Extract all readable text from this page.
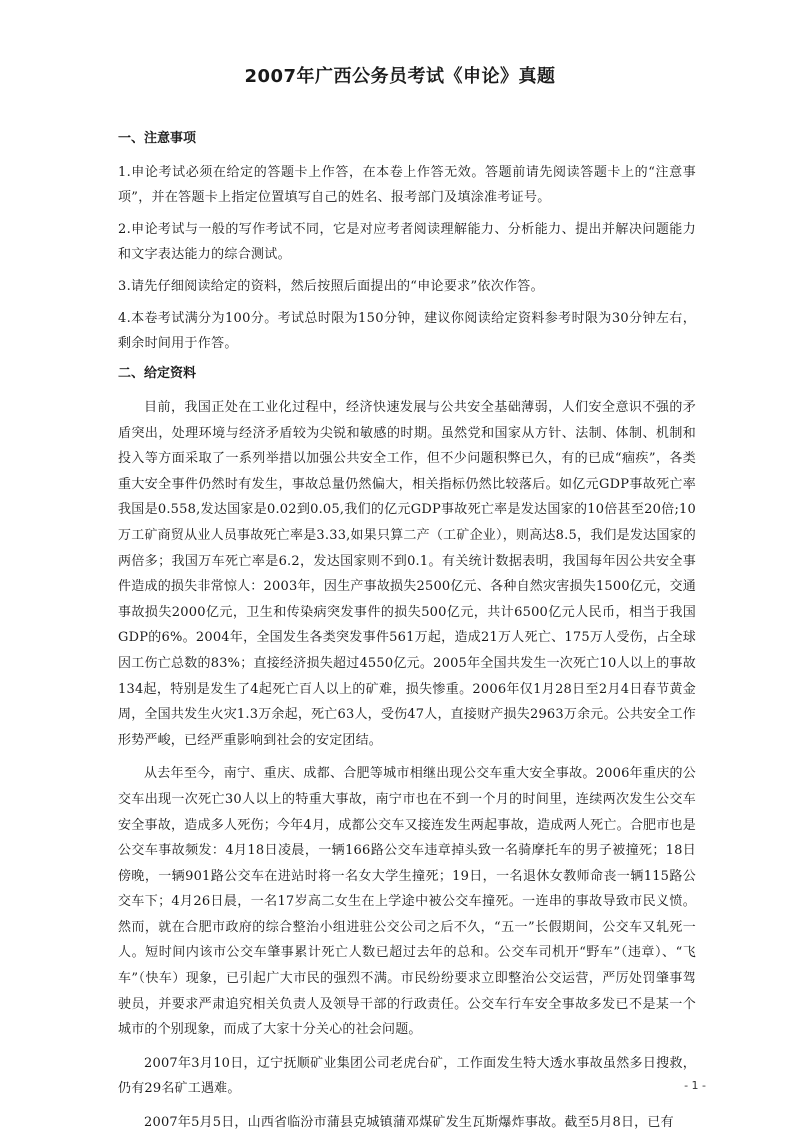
2007年广西公务员考试《申论》真题
一、注意事项

1.申论考试必须在给定的答题卡上作答，在本卷上作答无效。答题前请先阅读答题卡上的“注意事项”，并在答题卡上指定位置填写自己的姓名、报考部门及填涂准考证号。

2.申论考试与一般的写作考试不同，它是对应考者阅读理解能力、分析能力、提出并解决问题能力和文字表达能力的综合测试。

3.请先仔细阅读给定的资料，然后按照后面提出的“申论要求”依次作答。

4.本卷考试满分为100分。考试总时限为150分钟，建议你阅读给定资料参考时限为30分钟左右，剩余时间用于作答。

二、给定资料

目前，我国正处在工业化过程中，经济快速发展与公共安全基础薄弱，人们安全意识不强的矛盾突出，处理环境与经济矛盾较为尖锐和敏感的时期。虽然党和国家从方针、法制、体制、机制和投入等方面采取了一系列举措以加强公共安全工作，但不少问题积弊已久，有的已成“痼疾”，各类重大安全事件仍然时有发生，事故总量仍然偏大，相关指标仍然比较落后。如亿元GDP事故死亡率我国是0.558,发达国家是0.02到0.05,我们的亿元GDP事故死亡率是发达国家的10倍甚至20倍;10万工矿商贸从业人员事故死亡率是3.33,如果只算二产（工矿企业），则高达8.5，我们是发达国家的两倍多；我国万车死亡率是6.2，发达国家则不到0.1。有关统计数据表明，我国每年因公共安全事件造成的损失非常惊人：2003年，因生产事故损失2500亿元、各种自然灾害损失1500亿元，交通事故损失2000亿元，卫生和传染病突发事件的损失500亿元，共计6500亿元人民币，相当于我国GDP的6%。2004年，全国发生各类突发事件561万起，造成21万人死亡、175万人受伤，占全球因工伤亡总数的83%；直接经济损失超过4550亿元。2005年全国共发生一次死亡10人以上的事故134起，特别是发生了4起死亡百人以上的矿难，损失惨重。2006年仅1月28日至2月4日春节黄金周，全国共发生火灾1.3万余起，死亡63人，受伤47人，直接财产损失2963万余元。公共安全工作形势严峻，已经严重影响到社会的安定团结。

从去年至今，南宁、重庆、成都、合肥等城市相继出现公交车重大安全事故。2006年重庆的公交车出现一次死亡30人以上的特重大事故，南宁市也在不到一个月的时间里，连续两次发生公交车安全事故，造成多人死伤；今年4月，成都公交车又接连发生两起事故，造成两人死亡。合肥市也是公交车事故频发：4月18日凌晨，一辆166路公交车违章掉头致一名骑摩托车的男子被撞死；18日傍晚，一辆901路公交车在进站时将一名女大学生撞死；19日，一名退休女教师命丧一辆115路公交车下；4月26日晨，一名17岁高二女生在上学途中被公交车撞死。一连串的事故导致市民义愤。然而，就在合肥市政府的综合整治小组进驻公交公司之后不久，“五一”长假期间，公交车又轧死一人。短时间内该市公交车肇事累计死亡人数已超过去年的总和。公交车司机开“野车”（违章）、“飞车”（快车）现象，已引起广大市民的强烈不满。市民纷纷要求立即整治公交运营，严厉处罚肇事驾驶员，并要求严肃追究相关负责人及领导干部的行政责任。公交车行车安全事故多发已不是某一个城市的个别现象，而成了大家十分关心的社会问题。

2007年3月10日，辽宁抚顺矿业集团公司老虎台矿，工作面发生特大透水事故虽然多日搜救，仍有29名矿工遇难。

2007年5月5日，山西省临汾市蒲县克城镇蒲邓煤矿发生瓦斯爆炸事故。截至5月8日，已有

- 1 -
